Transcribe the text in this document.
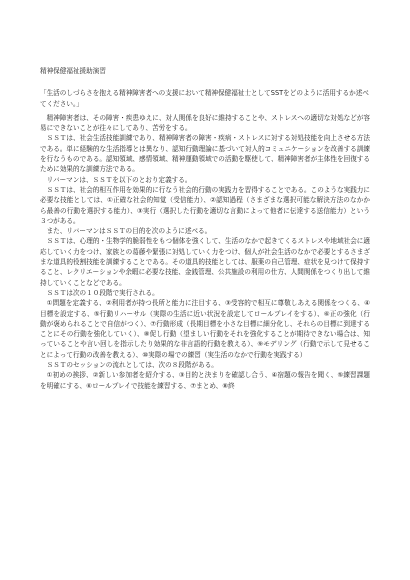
精神保健福祉援助演習

「生活のしづらさを抱える精神障害者への支援において精神保健福祉士としてSSTをどのように活用するか述べてください。」

精神障害者は、その障害・疾患ゆえに、対人関係を良好に維持することや、ストレスへの適切な対処などが容易にできないことが往々にしてあり、苦労をする。

ＳＳＴは、社会生活技能訓練であり、精神障害者の障害・疾病・ストレスに対する対処技能を向上させる方法である。単に経験的な生活指導とは異なり、認知行動理論に基づいて対人的コミュニケーションを改善する訓練を行なうものである。認知領域、感情領域、精神運動領域での活動を駆使して、精神障害者が主体性を回復するために効果的な訓練方法である。

リバーマンは、ＳＳＴを以下のとおり定義する。

ＳＳＴは、社会的相互作用を効果的に行なう社会的行動の実践力を習得することである。このような実践力に必要な技能としては、①正確な社会的知覚（受信能力）、②認知過程（さまざまな選択可能な解決方法のなかから最善の行動を選択する能力）、③実行（選択した行動を適切な言動によって他者に伝達する送信能力）という３つがある。

また、リバーマンはＳＳＴの目的を次のように述べる。

ＳＳＴは、心理的・生物学的脆弱性をもつ個体を強くして、生活のなかで起きてくるストレスや地域社会に適応していく力をつけ、家族との葛藤や緊張に対処していく力をつけ、個人が社会生活のなかで必要とするさまざまな道具的役割技能を訓練することである。その道具的技能としては、服薬の自己管理、症状を見つけて保持すること、レクリエーションや余暇に必要な技能、金銭管理、公共施設の利用の仕方、人間関係をつくり出して維持していくことなどである。

ＳＳＴは次の１０段階で実行される。

①問題を定義する、②利用者が持つ長所と能力に注目する、③受容的で相互に尊敬しあえる関係をつくる、④目標を設定する、⑤行動リハーサル（実際の生活に近い状況を設定してロールプレイをする）、⑥正の強化（行動が褒められることで自信がつく）、⑦行動形成（長期目標を小さな目標に細分化し、それらの目標に到達することにその行動を強化していく）、⑧促し行動（望ましい行動をそれを強化することが期待できない場合は、知っていることや言い回しを指示したり効果的な非言語的行動を教える）、⑨モデリング（行動で示して見せることによって行動の改善を教える）、⑩実際の場での練習（実生活のなかで行動を実践する）

ＳＳＴのセッションの流れとしては、次の８段階がある。

①初めの挨拶、②新しい参加者を紹介する、③目的と決まりを確認し合う、④宿題の報告を聞く、⑤練習課題を明確にする、⑥ロールプレイで技能を練習する、⑦まとめ、⑧終
